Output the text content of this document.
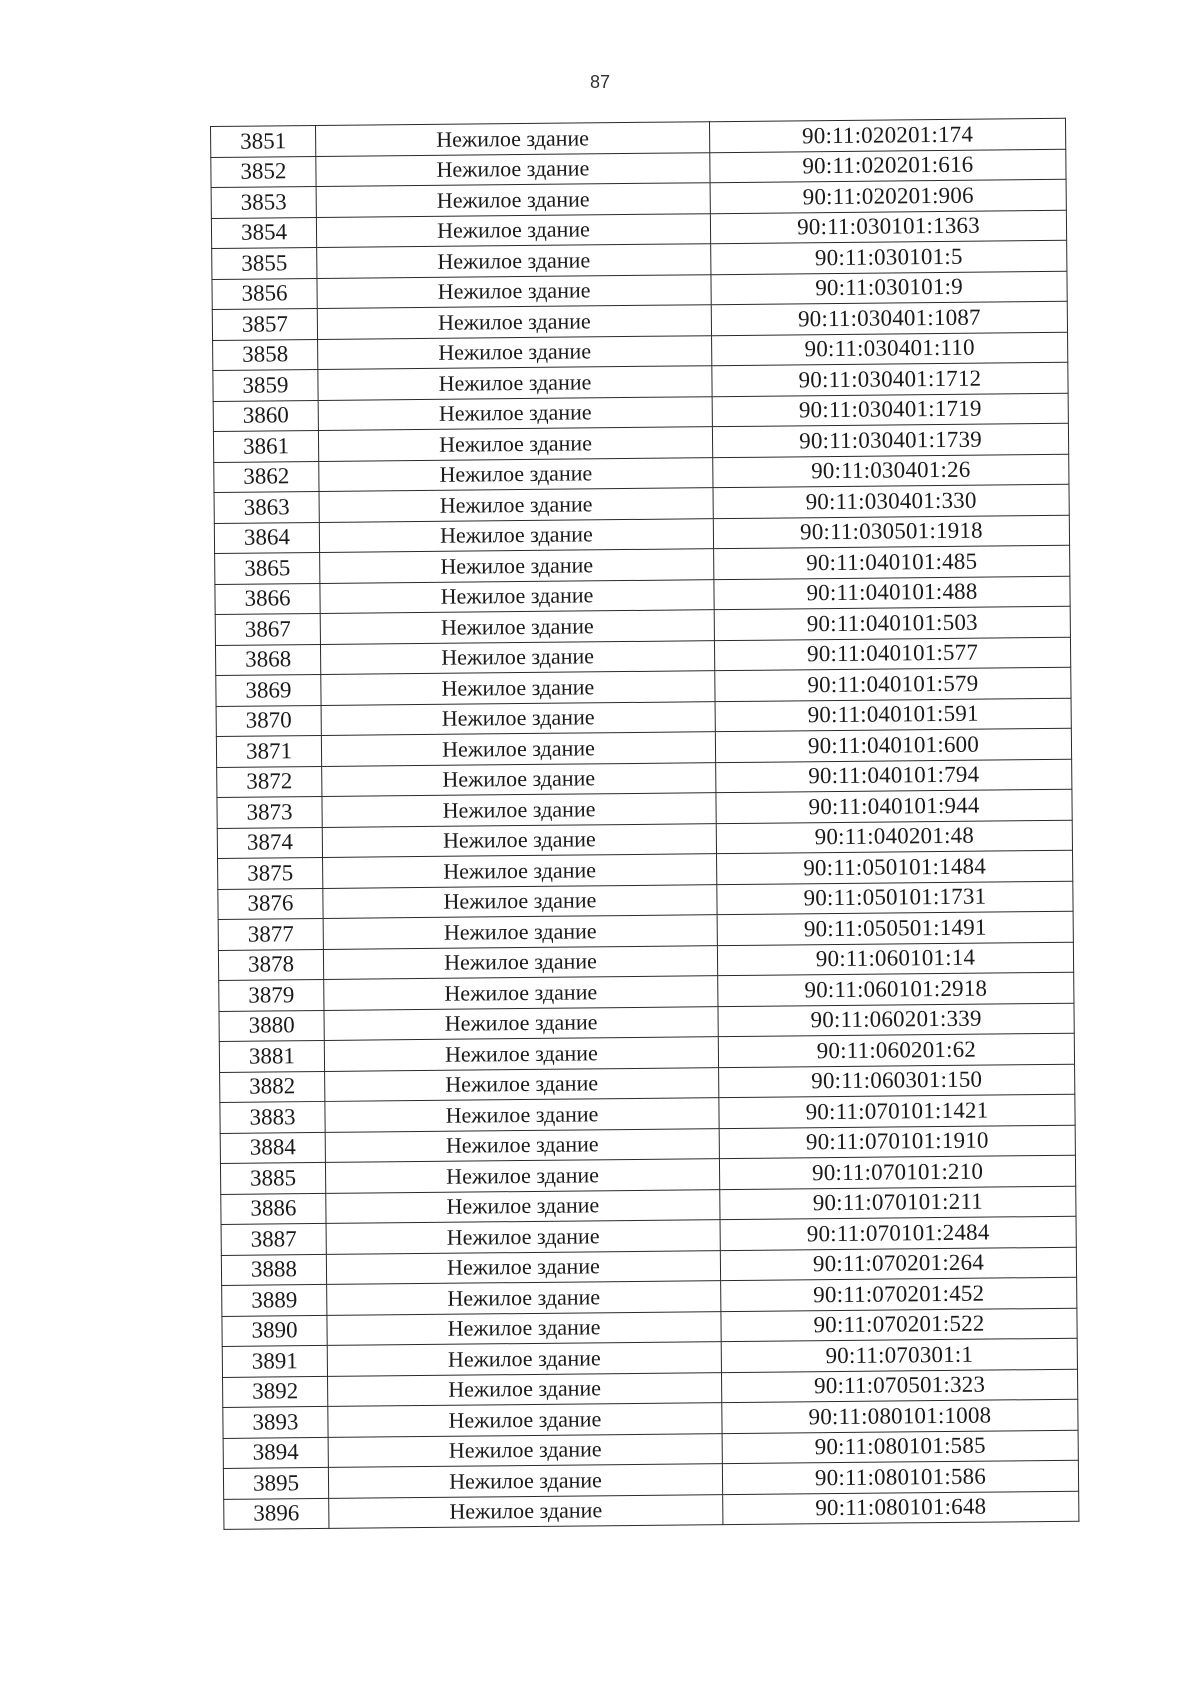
87
3851	Нежилое здание	90:11:020201:174
3852	Нежилое здание	90:11:020201:616
3853	Нежилое здание	90:11:020201:906
3854	Нежилое здание	90:11:030101:1363
3855	Нежилое здание	90:11:030101:5
3856	Нежилое здание	90:11:030101:9
3857	Нежилое здание	90:11:030401:1087
3858	Нежилое здание	90:11:030401:110
3859	Нежилое здание	90:11:030401:1712
3860	Нежилое здание	90:11:030401:1719
3861	Нежилое здание	90:11:030401:1739
3862	Нежилое здание	90:11:030401:26
3863	Нежилое здание	90:11:030401:330
3864	Нежилое здание	90:11:030501:1918
3865	Нежилое здание	90:11:040101:485
3866	Нежилое здание	90:11:040101:488
3867	Нежилое здание	90:11:040101:503
3868	Нежилое здание	90:11:040101:577
3869	Нежилое здание	90:11:040101:579
3870	Нежилое здание	90:11:040101:591
3871	Нежилое здание	90:11:040101:600
3872	Нежилое здание	90:11:040101:794
3873	Нежилое здание	90:11:040101:944
3874	Нежилое здание	90:11:040201:48
3875	Нежилое здание	90:11:050101:1484
3876	Нежилое здание	90:11:050101:1731
3877	Нежилое здание	90:11:050501:1491
3878	Нежилое здание	90:11:060101:14
3879	Нежилое здание	90:11:060101:2918
3880	Нежилое здание	90:11:060201:339
3881	Нежилое здание	90:11:060201:62
3882	Нежилое здание	90:11:060301:150
3883	Нежилое здание	90:11:070101:1421
3884	Нежилое здание	90:11:070101:1910
3885	Нежилое здание	90:11:070101:210
3886	Нежилое здание	90:11:070101:211
3887	Нежилое здание	90:11:070101:2484
3888	Нежилое здание	90:11:070201:264
3889	Нежилое здание	90:11:070201:452
3890	Нежилое здание	90:11:070201:522
3891	Нежилое здание	90:11:070301:1
3892	Нежилое здание	90:11:070501:323
3893	Нежилое здание	90:11:080101:1008
3894	Нежилое здание	90:11:080101:585
3895	Нежилое здание	90:11:080101:586
3896	Нежилое здание	90:11:080101:648
